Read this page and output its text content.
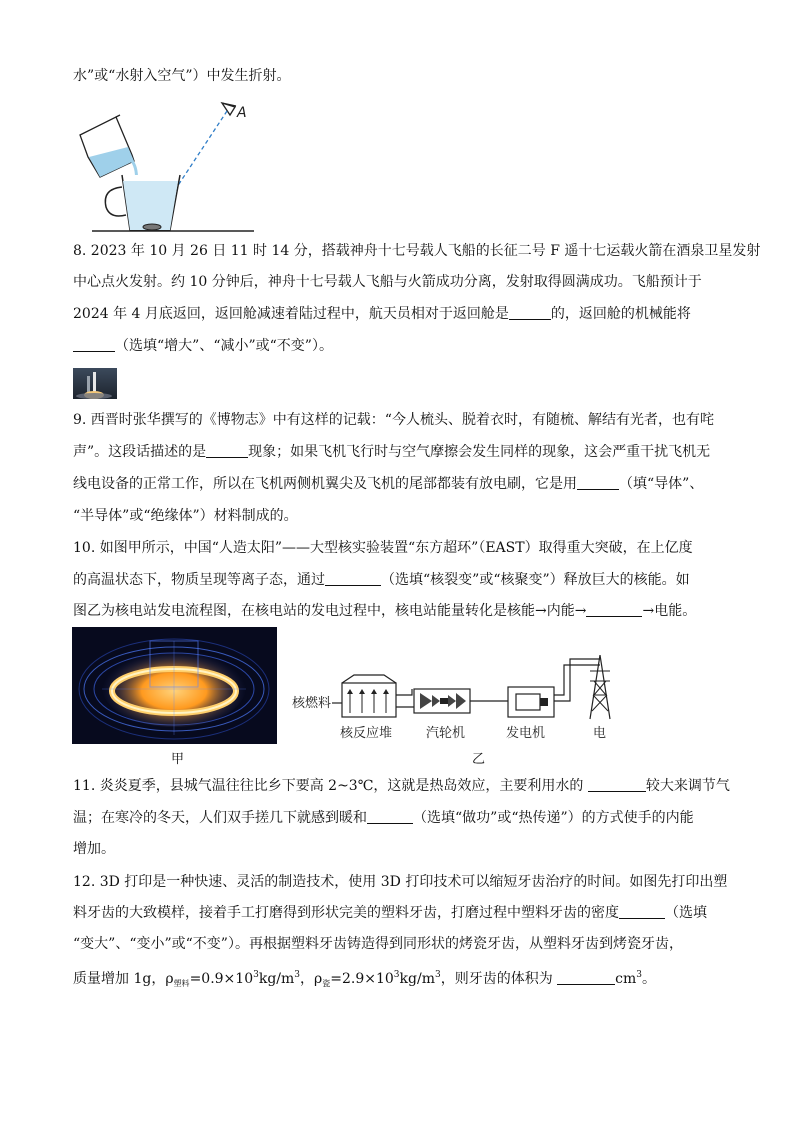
水”或“水射入空气”）中发生折射。
A
8. 2023 年 10 月 26 日 11 时 14 分，搭载神舟十七号载人飞船的长征二号 F 遥十七运载火箭在酒泉卫星发射
中心点火发射。约 10 分钟后，神舟十七号载人飞船与火箭成功分离，发射取得圆满成功。飞船预计于
2024 年 4 月底返回，返回舱减速着陆过程中，航天员相对于返回舱是	的，返回舱的机械能将
（选填“增大”、“减小”或“不变”）。
9. 西晋时张华撰写的《博物志》中有这样的记载：“今人梳头、脱着衣时，有随梳、解结有光者，也有咤
声”。这段话描述的是	现象；如果飞机飞行时与空气摩擦会发生同样的现象，这会严重干扰飞机无
线电设备的正常工作，所以在飞机两侧机翼尖及飞机的尾部都装有放电刷，它是用	（填“导体”、
“半导体”或“绝缘体”）材料制成的。
10. 如图甲所示，中国“人造太阳”——大型核实验装置“东方超环”（EAST）取得重大突破，在上亿度
的高温状态下，物质呈现等离子态，通过	（选填“核裂变”或“核聚变”）释放巨大的核能。如
图乙为核电站发电流程图，在核电站的发电过程中，核电站能量转化是核能→内能→	→电能。
甲
核燃料
核反应堆	汽轮机	发电机	电
乙
11. 炎炎夏季，县城气温往往比乡下要高 2~3℃，这就是热岛效应，主要利用水的	较大来调节气
温；在寒冷的冬天，人们双手搓几下就感到暖和	（选填“做功”或“热传递”）的方式使手的内能
增加。
12. 3D 打印是一种快速、灵活的制造技术，使用 3D 打印技术可以缩短牙齿治疗的时间。如图先打印出塑
料牙齿的大致模样，接着手工打磨得到形状完美的塑料牙齿，打磨过程中塑料牙齿的密度	（选填
“变大”、“变小”或“不变”）。再根据塑料牙齿铸造得到同形状的烤瓷牙齿，从塑料牙齿到烤瓷牙齿，
质量增加 1g，$\rho_{塑料}=0.9\times 10^3kg/m^3$，$\rho_瓷=2.9\times 10^3kg/m^3$，则牙齿的体积为	$cm^3$。
